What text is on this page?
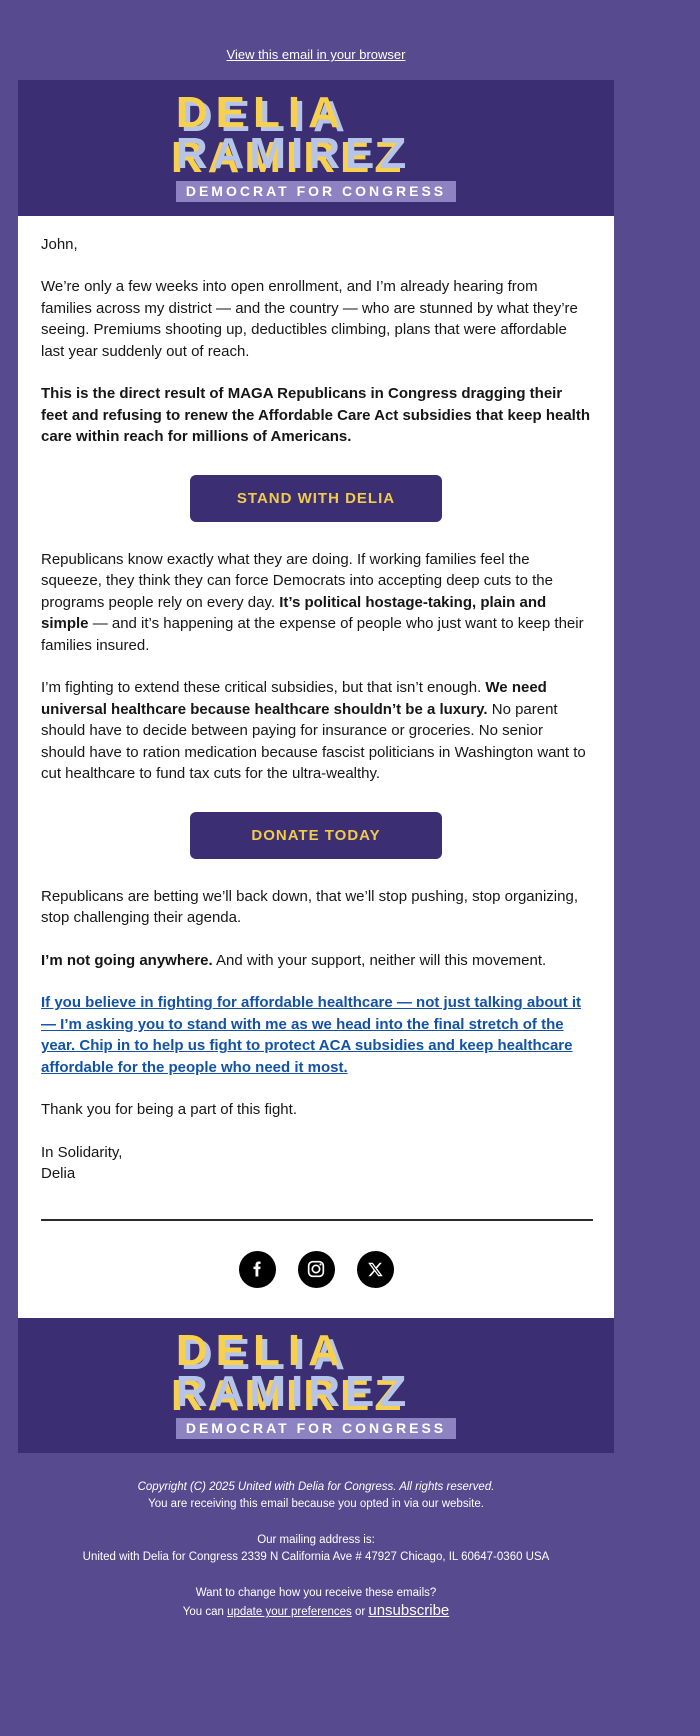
View this email in your browser
DELIA
RAMIREZ
DEMOCRAT FOR CONGRESS

John,

We’re only a few weeks into open enrollment, and I’m already hearing from families across my district — and the country — who are stunned by what they’re seeing. Premiums shooting up, deductibles climbing, plans that were affordable last year suddenly out of reach.

This is the direct result of MAGA Republicans in Congress dragging their feet and refusing to renew the Affordable Care Act subsidies that keep health care within reach for millions of Americans.

STAND WITH DELIA

Republicans know exactly what they are doing. If working families feel the squeeze, they think they can force Democrats into accepting deep cuts to the programs people rely on every day. It’s political hostage-taking, plain and simple — and it’s happening at the expense of people who just want to keep their families insured.

I’m fighting to extend these critical subsidies, but that isn’t enough. We need universal healthcare because healthcare shouldn’t be a luxury. No parent should have to decide between paying for insurance or groceries. No senior should have to ration medication because fascist politicians in Washington want to cut healthcare to fund tax cuts for the ultra-wealthy.

DONATE TODAY

Republicans are betting we’ll back down, that we’ll stop pushing, stop organizing, stop challenging their agenda.

I’m not going anywhere. And with your support, neither will this movement.

If you believe in fighting for affordable healthcare — not just talking about it — I’m asking you to stand with me as we head into the final stretch of the year. Chip in to help us fight to protect ACA subsidies and keep healthcare affordable for the people who need it most.

Thank you for being a part of this fight.

In Solidarity,
Delia

DELIA
RAMIREZ
DEMOCRAT FOR CONGRESS
Copyright (C) 2025 United with Delia for Congress. All rights reserved.
You are receiving this email because you opted in via our website.
Our mailing address is:
United with Delia for Congress 2339 N California Ave # 47927 Chicago, IL 60647-0360 USA
Want to change how you receive these emails?
You can update your preferences or unsubscribe
